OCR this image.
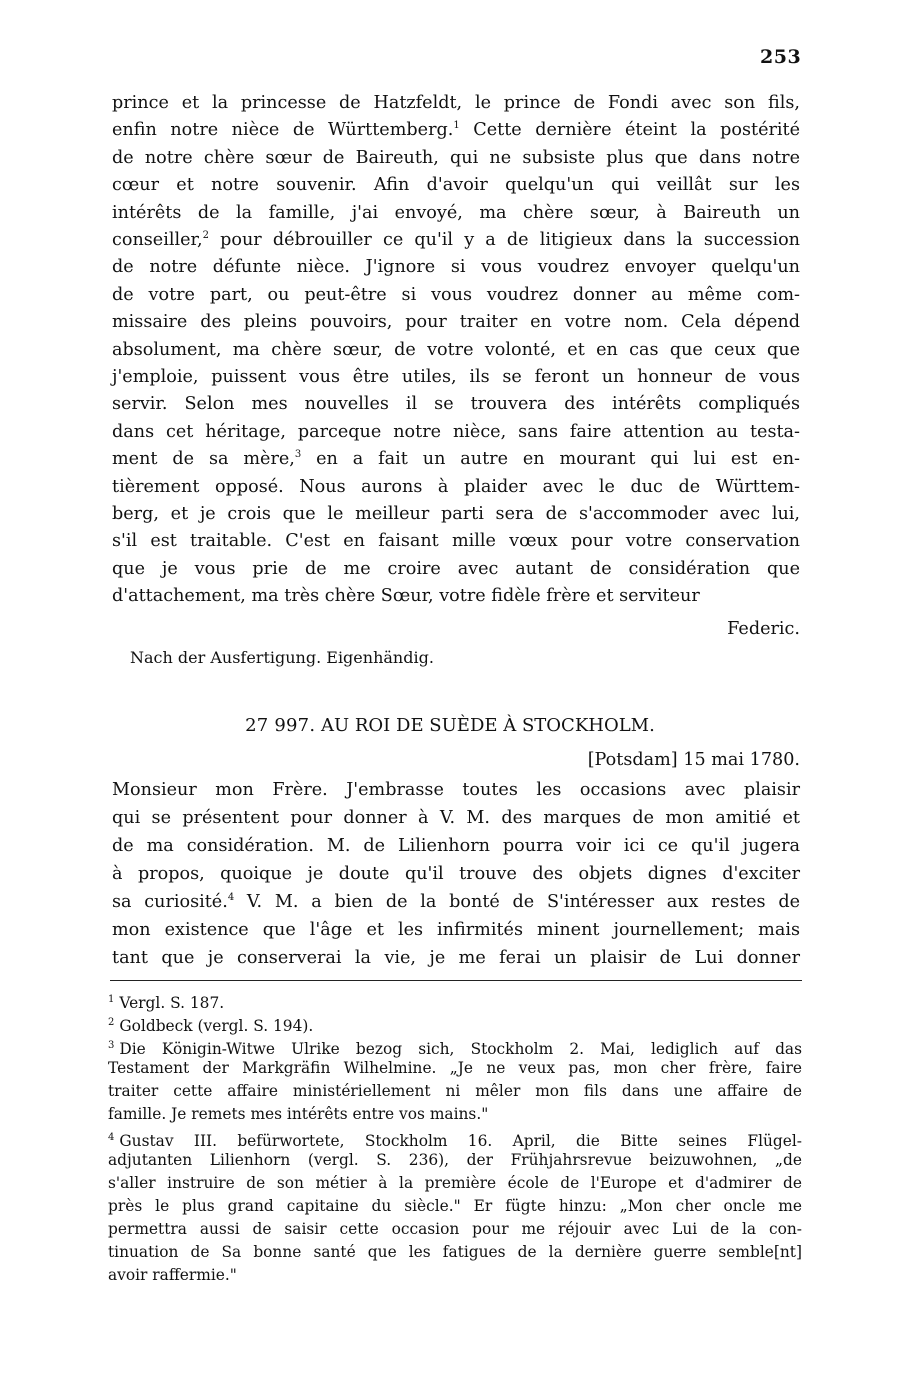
253
prince et la princesse de Hatzfeldt, le prince de Fondi avec son fils,
enfin notre nièce de Württemberg.$^1$ Cette dernière éteint la postérité
de notre chère sœur de Baireuth, qui ne subsiste plus que dans notre
cœur et notre souvenir. Afin d'avoir quelqu'un qui veillât sur les
intérêts de la famille, j'ai envoyé, ma chère sœur, à Baireuth un
conseiller,$^2$ pour débrouiller ce qu'il y a de litigieux dans la succession
de notre défunte nièce. J'ignore si vous voudrez envoyer quelqu'un
de votre part, ou peut-être si vous voudrez donner au même com-
missaire des pleins pouvoirs, pour traiter en votre nom. Cela dépend
absolument, ma chère sœur, de votre volonté, et en cas que ceux que
j'emploie, puissent vous être utiles, ils se feront un honneur de vous
servir. Selon mes nouvelles il se trouvera des intérêts compliqués
dans cet héritage, parceque notre nièce, sans faire attention au testa-
ment de sa mère,$^3$ en a fait un autre en mourant qui lui est en-
tièrement opposé. Nous aurons à plaider avec le duc de Württem-
berg, et je crois que le meilleur parti sera de s'accommoder avec lui,
s'il est traitable. C'est en faisant mille vœux pour votre conservation
que je vous prie de me croire avec autant de considération que
d'attachement, ma très chère Sœur, votre fidèle frère et serviteur
Federic.
Nach der Ausfertigung. Eigenhändig.
27 997. AU ROI DE SUÈDE À STOCKHOLM.
[Potsdam] 15 mai 1780.
Monsieur mon Frère. J'embrasse toutes les occasions avec plaisir
qui se présentent pour donner à V. M. des marques de mon amitié et
de ma considération. M. de Lilienhorn pourra voir ici ce qu'il jugera
à propos, quoique je doute qu'il trouve des objets dignes d'exciter
sa curiosité.$^4$ V. M. a bien de la bonté de S'intéresser aux restes de
mon existence que l'âge et les infirmités minent journellement; mais
tant que je conserverai la vie, je me ferai un plaisir de Lui donner
$^1$ Vergl. S. 187.
$^2$ Goldbeck (vergl. S. 194).
$^3$ Die Königin-Witwe Ulrike bezog sich, Stockholm 2. Mai, lediglich auf das
Testament der Markgräfin Wilhelmine. „Je ne veux pas, mon cher frère, faire
traiter cette affaire ministériellement ni mêler mon fils dans une affaire de
famille. Je remets mes intérêts entre vos mains."
$^4$ Gustav III. befürwortete, Stockholm 16. April, die Bitte seines Flügel-
adjutanten Lilienhorn (vergl. S. 236), der Frühjahrsrevue beizuwohnen, „de
s'aller instruire de son métier à la première école de l'Europe et d'admirer de
près le plus grand capitaine du siècle." Er fügte hinzu: „Mon cher oncle me
permettra aussi de saisir cette occasion pour me réjouir avec Lui de la con-
tinuation de Sa bonne santé que les fatigues de la dernière guerre semble[nt]
avoir raffermie."
